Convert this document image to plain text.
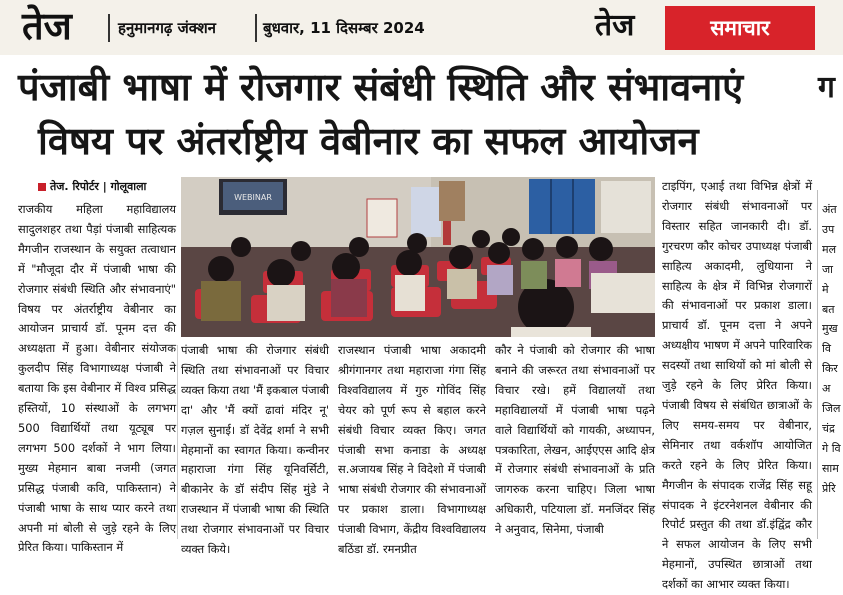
तेज	हनुमानगढ़ जंक्शन	बुधवार, 11 दिसम्बर 2024	तेज	समाचार
पंजाबी भाषा में रोजगार संबंधी स्थिति और संभावनाएं ग
विषय पर अंतर्राष्ट्रीय वेबीनार का सफल आयोजन
तेज. रिपोर्टर | गोलूवाला
राजकीय महिला महाविद्यालय सादुलशहर तथा पैड़ां पंजाबी साहित्यक मैगजीन राजस्थान के सयुक्त तत्वाधान में "मौजूदा दौर में पंजाबी भाषा की रोजगार संबंधी स्थिति और संभावनाएं" विषय पर अंतर्राष्ट्रीय वेबीनार का आयोजन प्राचार्य डॉ. पूनम दत्त की अध्यक्षता में हुआ। वेबीनार संयोजक कुलदीप सिंह विभागाध्यक्ष पंजाबी ने बताया कि इस वेबीनार में विश्व प्रसिद्ध हस्तियों, 10 संस्थाओं के लगभग 500 विद्यार्थियों तथा यूट्यूब पर लगभग 500 दर्शकों ने भाग लिया। मुख्य मेहमान बाबा नजमी (जगत प्रसिद्ध पंजाबी कवि, पाकिस्तान) ने पंजाबी भाषा के साथ प्यार करने तथा अपनी मां बोली से जुड़े रहने के लिए प्रेरित किया। पाकिस्तान में
पंजाबी भाषा की रोजगार संबंधी स्थिति तथा संभावनाओं पर विचार व्यक्त किया तथा 'मैं इकबाल पंजाबी दा' और 'मैं क्यों ढावां मंदिर नू' गज़ल सुनाई। डॉ देवेंद्र शर्मा ने सभी मेहमानों का स्वागत किया। कन्वीनर महाराजा गंगा सिंह यूनिवर्सिटी, बीकानेर के डॉ संदीप सिंह मुंडे ने राजस्थान में पंजाबी भाषा की स्थिति तथा रोजगार संभावनाओं पर विचार व्यक्त किये।
राजस्थान पंजाबी भाषा अकादमी श्रीगंगानगर तथा महाराजा गंगा सिंह विश्वविद्यालय में गुरु गोविंद सिंह चेयर को पूर्ण रूप से बहाल करने संबंधी विचार व्यक्त किए। जगत पंजाबी सभा कनाडा के अध्यक्ष स.अजायब सिंह ने विदेशो में पंजाबी भाषा संबंधी रोजगार की संभावनाओं पर प्रकाश डाला। विभागाध्यक्ष पंजाबी विभाग, केंद्रीय विश्वविद्यालय बठिंडा डॉ. रमनप्रीत
कौर ने पंजाबी को रोजगार की भाषा बनाने की जरूरत तथा संभावनाओं पर विचार रखे। हमें विद्यालयों तथा महाविद्यालयों में पंजाबी भाषा पढ़ने वाले विद्यार्थियों को गायकी, अध्यापन, पत्रकारिता, लेखन, आईएएस आदि क्षेत्र में रोजगार संबंधी संभावनाओं के प्रति जागरुक करना चाहिए। जिला भाषा अधिकारी, पटियाला डॉ. मनजिंदर सिंह ने अनुवाद, सिनेमा, पंजाबी
टाइपिंग, एआई तथा विभिन्न क्षेत्रों में रोजगार संबंधी संभावनाओं पर विस्तार सहित जानकारी दी। डॉ. गुरचरण कौर कोचर उपाध्यक्ष पंजाबी साहित्य अकादमी, लुधियाना ने साहित्य के क्षेत्र में विभिन्न रोजगारों की संभावनाओं पर प्रकाश डाला। प्राचार्य डॉ. पूनम दत्ता ने अपने अध्यक्षीय भाषण में अपने पारिवारिक सदस्यों तथा साथियों को मां बोली से जुड़े रहने के लिए प्रेरित किया। पंजाबी विषय से संबंधित छात्राओं के लिए समय-समय पर वेबीनार, सेमिनार तथा वर्कशॉप आयोजित करते रहने के लिए प्रेरित किया। मैगजीन के संपादक राजेंद्र सिंह सहू संपादक ने इंटरनेशनल वेबीनार की रिपोर्ट प्रस्तुत की तथा डॉ.इंद्विंद्र कौर ने सफल आयोजन के लिए सभी मेहमानों, उपस्थित छात्राओं तथा दर्शकों का आभार व्यक्त किया।
अंत उप मल जा मे बत मुख वि किर अ जिल चंद्र गे वि साम प्रेरि
WEBINAR
